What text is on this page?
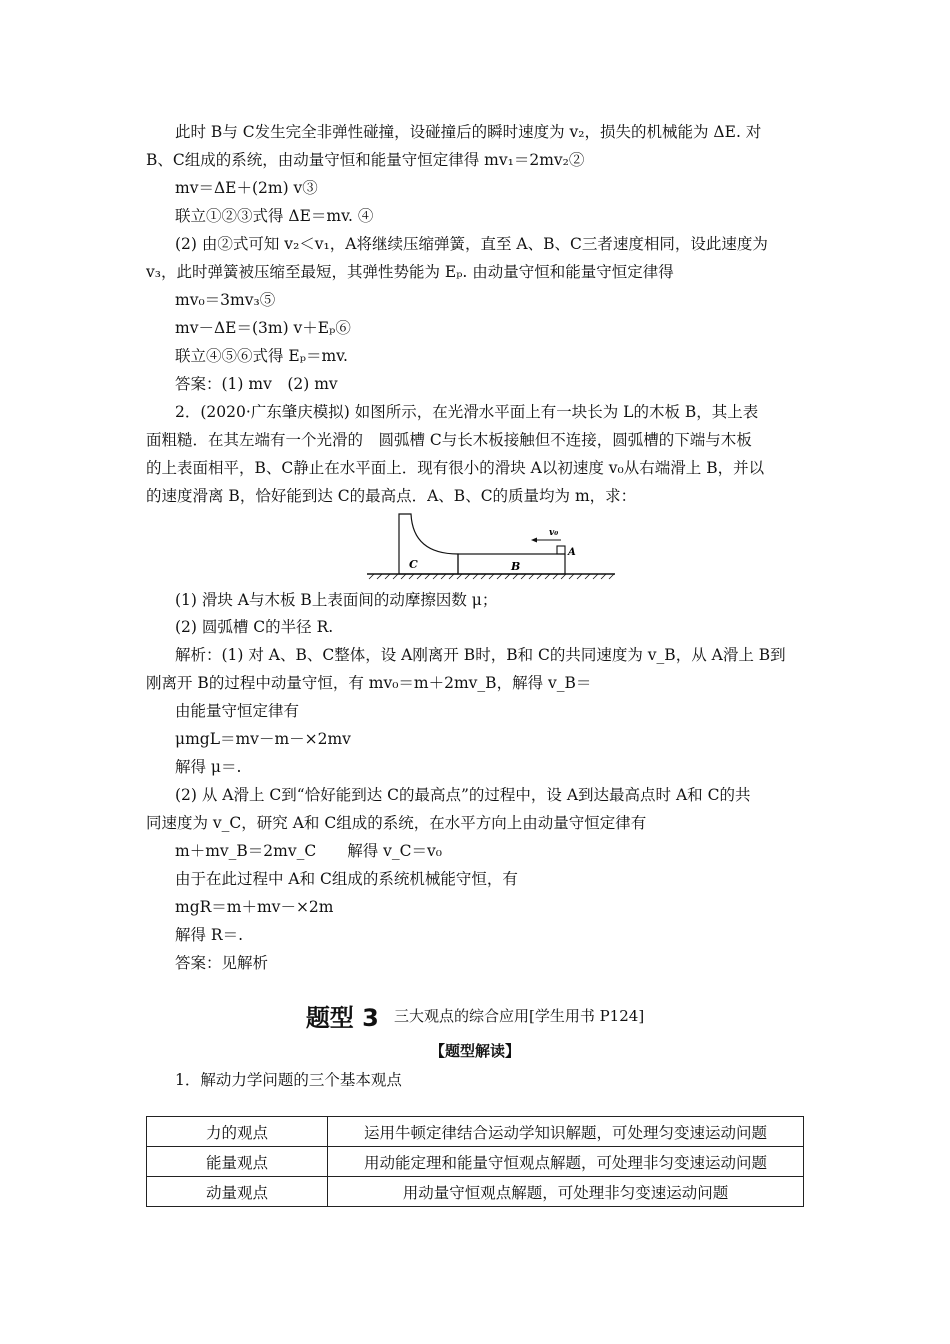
此时 B与 C发生完全非弹性碰撞，设碰撞后的瞬时速度为 v₂，损失的机械能为 ΔE. 对
B、C组成的系统，由动量守恒和能量守恒定律得 mv₁＝2mv₂②
mv＝ΔE＋(2m) v③
联立①②③式得 ΔE＝mv. ④
(2) 由②式可知 v₂＜v₁，A将继续压缩弹簧，直至 A、B、C三者速度相同，设此速度为
v₃，此时弹簧被压缩至最短，其弹性势能为 Eₚ. 由动量守恒和能量守恒定律得
mv₀＝3mv₃⑤
mv－ΔE＝(3m) v＋Eₚ⑥
联立④⑤⑥式得 Eₚ＝mv.
答案：(1) mv　(2) mv
2．(2020·广东肇庆模拟) 如图所示，在光滑水平面上有一块长为 L的木板 B，其上表
面粗糙．在其左端有一个光滑的　圆弧槽 C与长木板接触但不连接，圆弧槽的下端与木板
的上表面相平，B、C静止在水平面上．现有很小的滑块 A以初速度 v₀从右端滑上 B，并以
的速度滑离 B，恰好能到达 C的最高点．A、B、C的质量均为 m，求：
C	B
A
v₀
(1) 滑块 A与木板 B上表面间的动摩擦因数 μ；
(2) 圆弧槽 C的半径 R.
解析：(1) 对 A、B、C整体，设 A刚离开 B时，B和 C的共同速度为 v_B，从 A滑上 B到
刚离开 B的过程中动量守恒，有 mv₀＝m＋2mv_B，解得 v_B＝
由能量守恒定律有
μmgL＝mv－m－×2mv
解得 μ＝.
(2) 从 A滑上 C到“恰好能到达 C的最高点”的过程中，设 A到达最高点时 A和 C的共
同速度为 v_C，研究 A和 C组成的系统，在水平方向上由动量守恒定律有
m＋mv_B＝2mv_C　　解得 v_C＝v₀
由于在此过程中 A和 C组成的系统机械能守恒，有
mgR＝m＋mv－×2m
解得 R＝.
答案：见解析
题型 3 三大观点的综合应用[学生用书 P124]
【题型解读】
1．解动力学问题的三个基本观点
力的观点	运用牛顿定律结合运动学知识解题，可处理匀变速运动问题
能量观点	用动能定理和能量守恒观点解题，可处理非匀变速运动问题
动量观点	用动量守恒观点解题，可处理非匀变速运动问题
